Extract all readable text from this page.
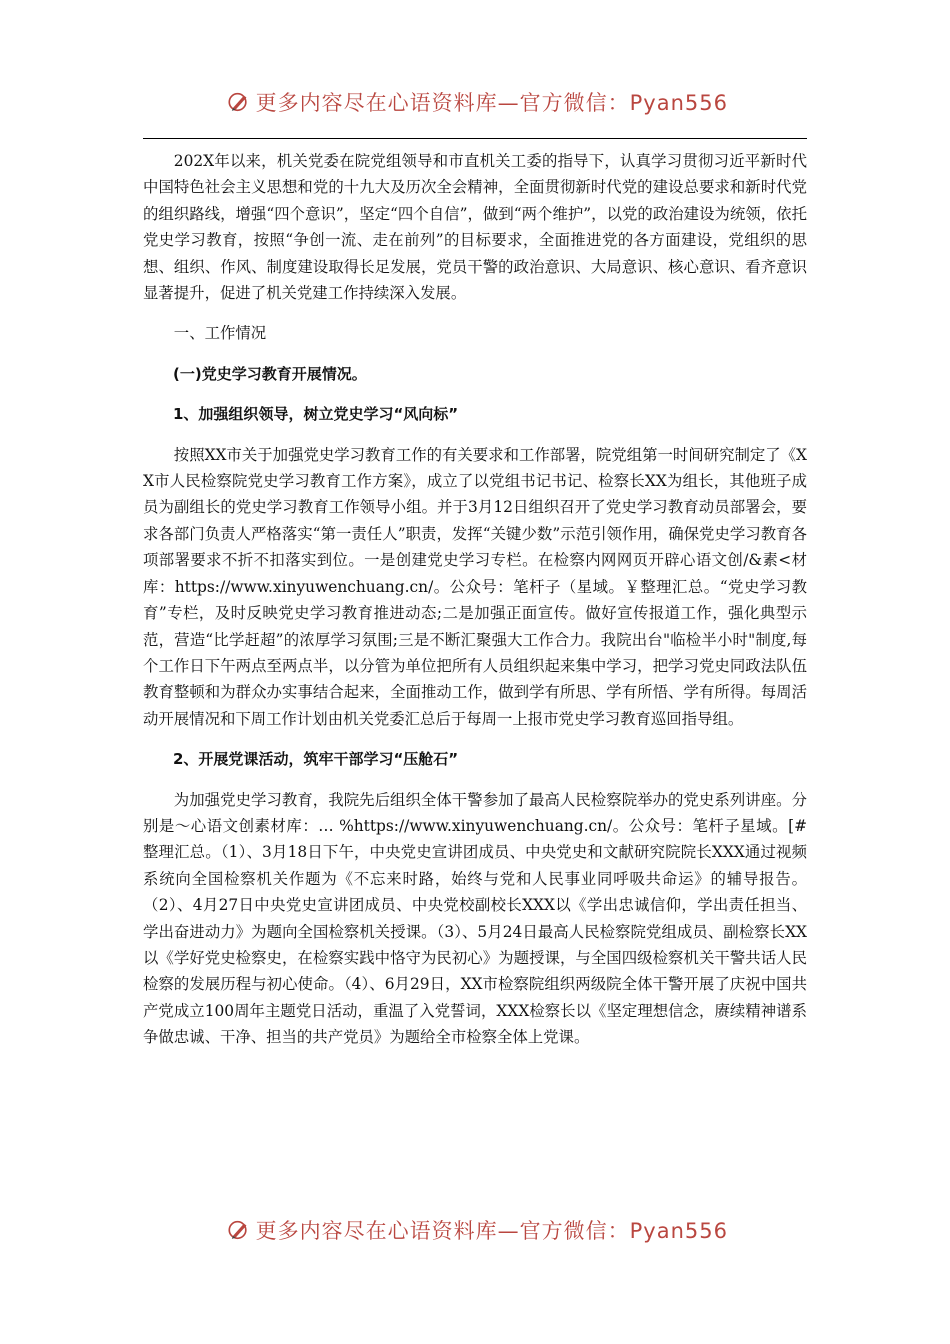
更多内容尽在心语资料库—官方微信：Pyan556

202X年以来，机关党委在院党组领导和市直机关工委的指导下，认真学习贯彻习近平新时代中国特色社会主义思想和党的十九大及历次全会精神，全面贯彻新时代党的建设总要求和新时代党的组织路线，增强“四个意识”，坚定“四个自信”，做到“两个维护”，以党的政治建设为统领，依托党史学习教育，按照“争创一流、走在前列”的目标要求，全面推进党的各方面建设，党组织的思想、组织、作风、制度建设取得长足发展，党员干警的政治意识、大局意识、核心意识、看齐意识显著提升，促进了机关党建工作持续深入发展。

一、工作情况

(一)党史学习教育开展情况。

1、加强组织领导，树立党史学习“风向标”

按照XX市关于加强党史学习教育工作的有关要求和工作部署，院党组第一时间研究制定了《XX市人民检察院党史学习教育工作方案》，成立了以党组书记书记、检察长XX为组长，其他班子成员为副组长的党史学习教育工作领导小组。并于3月12日组织召开了党史学习教育动员部署会，要求各部门负责人严格落实“第一责任人”职责，发挥“关键少数”示范引领作用，确保党史学习教育各项部署要求不折不扣落实到位。一是创建党史学习专栏。在检察内网网页开辟心语文创/&素<材库：https://www.xinyuwenchuang.cn/。公众号：笔杆子（星域。￥整理汇总。“党史学习教育”专栏，及时反映党史学习教育推进动态;二是加强正面宣传。做好宣传报道工作，强化典型示范，营造“比学赶超”的浓厚学习氛围;三是不断汇聚强大工作合力。我院出台"临检半小时"制度,每个工作日下午两点至两点半，以分管为单位把所有人员组织起来集中学习，把学习党史同政法队伍教育整顿和为群众办实事结合起来，全面推动工作，做到学有所思、学有所悟、学有所得。每周活动开展情况和下周工作计划由机关党委汇总后于每周一上报市党史学习教育巡回指导组。

2、开展党课活动，筑牢干部学习“压舱石”

为加强党史学习教育，我院先后组织全体干警参加了最高人民检察院举办的党史系列讲座。分别是～心语文创素材库：… %https://www.xinyuwenchuang.cn/。公众号：笔杆子星域。[#整理汇总。（1）、3月18日下午，中央党史宣讲团成员、中央党史和文献研究院院长XXX通过视频系统向全国检察机关作题为《不忘来时路，始终与党和人民事业同呼吸共命运》的辅导报告。（2）、4月27日中央党史宣讲团成员、中央党校副校长XXX以《学出忠诚信仰，学出责任担当、学出奋进动力》为题向全国检察机关授课。（3）、5月24日最高人民检察院党组成员、副检察长XX以《学好党史检察史，在检察实践中恪守为民初心》为题授课，与全国四级检察机关干警共话人民检察的发展历程与初心使命。（4）、6月29日，XX市检察院组织两级院全体干警开展了庆祝中国共产党成立100周年主题党日活动，重温了入党誓词，XXX检察长以《坚定理想信念，赓续精神谱系争做忠诚、干净、担当的共产党员》为题给全市检察全体上党课。

更多内容尽在心语资料库—官方微信：Pyan556
